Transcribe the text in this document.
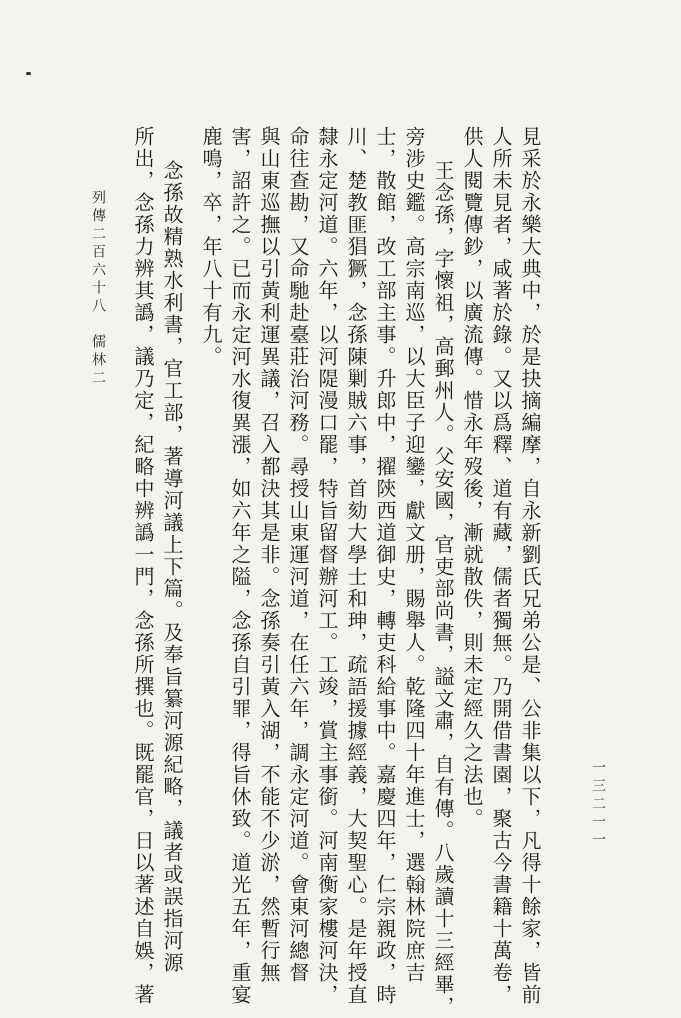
見采於永樂大典中，於是抉摘編摩，自永新劉氏兄弟公是、公非集以下，凡得十餘家，皆前
人所未見者，咸著於錄。又以爲釋、道有藏，儒者獨無。乃開借書園，聚古今書籍十萬卷，
供人閱覽傳鈔，以廣流傳。惜永年歿後，漸就散佚，則未定經久之法也。
王念孫，字懷祖，高郵州人。父安國，官吏部尚書，謚文肅，自有傳。八歲讀十三經畢，
旁涉史鑑。高宗南巡，以大臣子迎鑾，獻文册，賜舉人。乾隆四十年進士，選翰林院庶吉
士，散館，改工部主事。升郎中，擢陝西道御史，轉吏科給事中。嘉慶四年，仁宗親政，時
川、楚教匪猖獗，念孫陳剿賊六事，首劾大學士和珅，疏語援據經義，大契聖心。是年授直
隸永定河道。六年，以河隄漫口罷，特旨留督辦河工。工竣，賞主事銜。河南衡家樓河決，
命往查勘，又命馳赴臺莊治河務。尋授山東運河道，在任六年，調永定河道。會東河總督
與山東巡撫以引黃利運異議，召入都決其是非。念孫奏引黃入湖，不能不少淤，然暫行無
害，詔許之。已而永定河水復異漲，如六年之隘，念孫自引罪，得旨休致。道光五年，重宴
鹿鳴，卒，年八十有九。
念孫故精熟水利書，官工部，著導河議上下篇。及奉旨纂河源紀略，議者或誤指河源
所出，念孫力辨其譌，議乃定，紀略中辨譌一門，念孫所撰也。既罷官，日以著述自娛，著
列傳二百六十八　儒林二
一三二一一
